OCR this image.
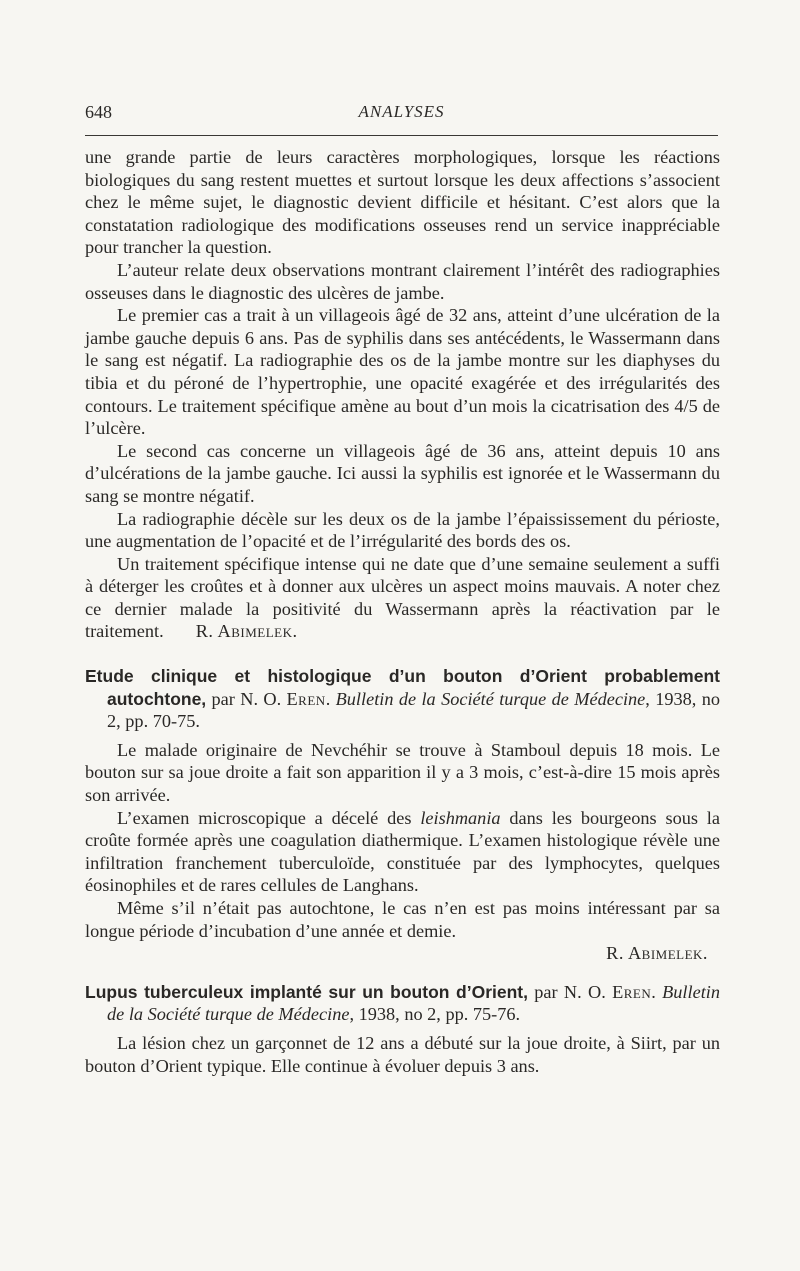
648	ANALYSES

une grande partie de leurs caractères morphologiques, lorsque les réactions biologiques du sang restent muettes et surtout lorsque les deux affections s’associent chez le même sujet, le diagnostic devient difficile et hésitant. C’est alors que la constatation radiologique des modifications osseuses rend un service inappréciable pour trancher la question.

L’auteur relate deux observations montrant clairement l’intérêt des radiographies osseuses dans le diagnostic des ulcères de jambe.

Le premier cas a trait à un villageois âgé de 32 ans, atteint d’une ulcération de la jambe gauche depuis 6 ans. Pas de syphilis dans ses antécédents, le Wassermann dans le sang est négatif. La radiographie des os de la jambe montre sur les diaphyses du tibia et du péroné de l’hypertrophie, une opacité exagérée et des irrégularités des contours. Le traitement spécifique amène au bout d’un mois la cicatrisation des 4/5 de l’ulcère.

Le second cas concerne un villageois âgé de 36 ans, atteint depuis 10 ans d’ulcérations de la jambe gauche. Ici aussi la syphilis est ignorée et le Wassermann du sang se montre négatif.

La radiographie décèle sur les deux os de la jambe l’épaississement du périoste, une augmentation de l’opacité et de l’irrégularité des bords des os.

Un traitement spécifique intense qui ne date que d’une semaine seulement a suffi à déterger les croûtes et à donner aux ulcères un aspect moins mauvais. A noter chez ce dernier malade la positivité du Wassermann après la réactivation par le traitement. R. Abimelek.

Etude clinique et histologique d’un bouton d’Orient probablement autochtone, par N. O. Eren. Bulletin de la Société turque de Médecine, 1938, no 2, pp. 70-75.

Le malade originaire de Nevchéhir se trouve à Stamboul depuis 18 mois. Le bouton sur sa joue droite a fait son apparition il y a 3 mois, c’est-à-dire 15 mois après son arrivée.

L’examen microscopique a décelé des leishmania dans les bourgeons sous la croûte formée après une coagulation diathermique. L’examen histologique révèle une infiltration franchement tuberculoïde, constituée par des lymphocytes, quelques éosinophiles et de rares cellules de Langhans.

Même s’il n’était pas autochtone, le cas n’en est pas moins intéressant par sa longue période d’incubation d’une année et demie.

R. Abimelek.

Lupus tuberculeux implanté sur un bouton d’Orient, par N. O. Eren. Bulletin de la Société turque de Médecine, 1938, no 2, pp. 75-76.

La lésion chez un garçonnet de 12 ans a débuté sur la joue droite, à Siirt, par un bouton d’Orient typique. Elle continue à évoluer depuis 3 ans.
